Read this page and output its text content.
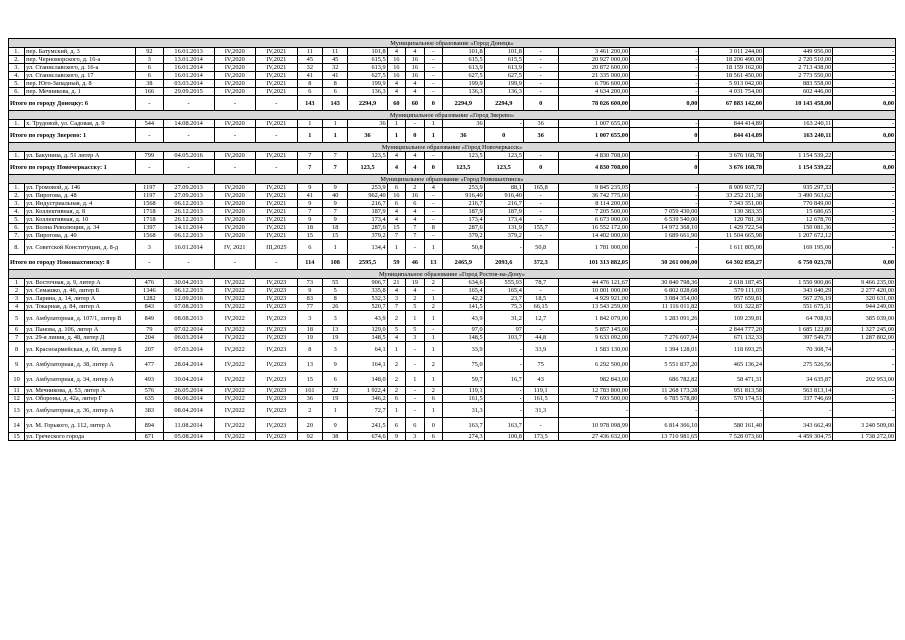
Муниципальное образование «Город Донецк»																			
1.	пер. Батумский, д. 3	92	16.01.2013	IV,2020	IV,2021	11	11	101,8	4	4	-	101,8	101,8	-	3 461 200,00	-	3 011 244,00	449 956,00	-
2.	пер. Черноморского, д. 16-а	3	13.01.2014	IV,2020	IV,2021	45	45	615,5	16	16	-	615,5	615,5	-	20 927 000,00	-	18 206 490,00	2 720 510,00	-
3.	ул. Станиславского, д. 16-а	6	16.01.2014	IV,2020	IV,2021	32	32	613,9	16	16	-	613,9	613,9	-	20 872 600,00	-	18 159 162,00	2 713 438,00	-
4.	ул. Станиславского, д. 17	6	16.01.2014	IV,2020	IV,2021	41	41	627,5	16	16	-	627,5	627,5	-	21 335 000,00	-	18 561 450,00	2 773 550,00	-
5.	пер. Юго-Западный, д. 8	38	03.03.2014	IV,2020	IV,2021	8	8	199,9	4	4	-	199,9	199,9	-	6 796 600,00	-	5 913 042,00	883 558,00	-
6.	пер. Мечникова, д. 1	166	29.09.2015	IV,2020	IV,2021	6	6	136,3	4	4	-	136,3	136,3	-	4 634 200,00	-	4 031 754,00	602 446,00	-
Итого по городу Донецку: 6		-	-	-	-	143	143	2294,9	60	60	0	2294,9	2294,9	0	78 026 600,00	0,00	67 883 142,00	10 143 458,00	0,00
Муниципальное образование «Город Зверево»																			
1.	х. Трудовой, ул. Садовая, д. 9	544	14.08.2014	IV,2020	IV,2021	1	1	36	1	-	1	36	-	36	1 007 655,00	-	844 414,89	163 240,11	-
Итого по городу Зверево: 1		-	-	-	-	1	1	36	1	0	1	36	0	36	1 007 655,00	0	844 414,89	163 240,11	0,00
Муниципальное образование «Город Новочеркасск»																			
1.	ул. Бакунина, д. 51 литер А	799	04.05.2016	IV,2020	IV,2021	7	7	123,5	4	4	-	123,5	123,5	-	4 830 708,00	-	3 676 168,78	1 154 539,22	-
Итого по городу Новочеркасску: 1		-	-	-	-	7	7	123,5	4	4	0	123,5	123,5	0	4 830 708,00	0	3 676 168,78	1 154 539,22	0,00
Муниципальное образование «Город Новошахтинск»																			
1.	ул. Громовой, д. 146	1197	27.09.2013	IV,2020	IV,2021	9	9	253,9	6	2	4	253,9	88,1	165,8	9 845 235,05	-	8 909 937,72	935 297,33	-
2.	ул. Пирогова, д. 48	1197	27.09.2013	IV,2020	IV,2021	41	40	962,40	16	16	-	916,40	916,40	-	36 742 775,00	-	33 252 211,38	3 490 563,62	-
3.	ул. Индустриальная, д. 4	1568	06.12.2013	IV,2020	IV,2021	9	9	216,7	6	6	-	216,7	216,7	-	8 114 200,00	-	7 343 351,00	770 849,00	-
4.	ул. Коллективная, д. 8	1718	26.12.2013	IV,2020	IV,2021	7	7	187,9	4	4	-	187,9	187,9	-	7 205 500,00	7 059 430,00	130 383,35	15 686,65	-
5.	ул. Коллективная, д. 10	1718	26.12.2013	IV,2020	IV,2021	9	9	173,4	4	4	-	173,4	173,4	-	6 673 000,00	6 539 540,00	120 781,30	12 678,70	-
6.	ул. Волна Революции, д. 34	1397	14.11.2014	IV,2020	IV,2021	18	18	287,6	15	7	8	287,6	131,9	155,7	16 552 172,00	14 972 368,10	1 429 722,54	150 081,36	-
7.	ул. Пирогова, д. 40	1568	06.12.2013	IV,2020	IV,2021	15	15	379,2	7	7	-	379,2	379,2	-	14 402 000,00	1 689 661,90	11 504 665,98	1 207 672,12	-
8.	ул. Советской Конституции, д. 8-д	3	16.01.2014	IV, 2021	III,2025	6	1	134,4	1	-	1	50,8	-	50,8	1 781 000,00	-	1 611 805,00	169 195,00	-
Итого по городу Новошахтинску: 8		-	-	-	-	114	108	2595,5	59	46	13	2465,9	2093,6	372,3	101 313 882,05	30 261 000,00	64 302 858,27	6 750 023,78	0,00
Муниципальное образование «Город Ростов-на-Дону»																			
1	ул. Восточная, д. 9, литер А	476	30.04.2013	IV,2022	IV,2023	73	55	906,7	21	19	2	634,6	555,93	78,7	44 476 121,67	30 840 798,36	2 618 187,45	1 550 900,86	9 466 235,00
2	ул. Семашко, д. 46, литер Б	1346	06.12.2013	IV,2022	IV,2023	9	5	335,8	4	4	-	165,4	165,4	-	10 001 000,00	6 802 028,68	579 111,03	343 040,29	2 277 420,00
3	ул. Ларина, д. 14, литер А	1282	12.09.2016	IV,2022	IV,2023	83	8	532,3	3	2	1	42,2	23,7	18,5	4 929 921,00	3 084 354,00	957 659,81	567 276,19	320 631,00
4	ул. Токарная, д. 84, литер А	843	07.08.2013	IV,2022	IV,2023	77	26	520,7	7	5	2	141,5	75,3	66,15	13 543 259,00	11 116 011,82	931 322,87	551 675,31	944 249,00
5	ул. Амбулаторная, д. 107/1, литер В	849	08.08.2013	IV,2022	IV,2023	3	3	43,9	2	1	1	43,9	31,2	12,7	1 842 079,00	1 283 091,26	109 239,81	64 708,93	385 039,00
6	ул. Панова, д. 106, литер А	79	07.02.2014	IV,2022	IV,2023	18	13	129,0	5	5	-	97,0	97	-	5 857 145,00	-	2 844 777,20	1 685 122,80	1 327 245,00
7	ул. 29-я линия, д. 48, литер Д	204	06.03.2014	IV,2022	IV,2023	19	19	148,5	4	3	1	148,5	103,7	44,8	9 633 092,00	7 276 607,94	671 132,33	397 549,73	1 287 802,00
8	ул. Красноармейская, д. 60, литер Б	207	07.03.2014	IV,2022	IV,2023	8	3	64,1	1	-	1	33,9	-	33,9	1 583 130,00	1 394 128,01	118 693,25	70 308,74	-
9	ул. Амбулаторная, д. 38, литер А	477	28.04.2014	IV,2022	IV,2023	13	9	164,1	2	-	2	75,0	-	75	6 292 500,00	5 551 837,20	465 136,24	275 526,56	-
10	ул. Амбулаторная, д. 34, литер А	493	30.04.2014	IV,2022	IV,2023	15	6	148,0	2	1	1	59,7	16,7	43	982 843,00	686 782,82	58 471,31	34 635,87	202 953,00
11	ул. Мечникова, д. 53, литер А	576	26.05.2014	IV,2022	IV,2023	161	22	1 922,4	2	-	2	119,1	-	119,1	12 783 800,00	11 268 173,28	951 813,58	563 813,14	-
12	ул. Обороны, д. 42а, литер Г	635	06.06.2014	IV,2022	IV,2023	36	19	346,2	6	-	6	161,5	-	161,5	7 693 500,00	6 785 578,80	570 174,51	337 746,69	-
13	ул. Амбулаторная, д. 36, литер А	383	08.04.2014	IV,2022	IV,2023	2	1	72,7	1	-	1	31,3	-	31,3	-	-	-	-	-
14	ул. М. Горького, д. 112, литер А	894	11.08.2014	IV,2022	IV,2023	20	9	241,5	6	6	0	163,7	163,7	-	10 978 098,99	6 814 366,10	580 161,40	343 662,49	3 240 509,00
15	ул. Греческого города	871	05.08.2014	IV,2022	IV,2023	92	38	674,6	9	3	6	274,3	100,8	173,5	27 436 632,00	13 710 981,65	7 528 073,60	4 459 304,75	1 738 272,00
